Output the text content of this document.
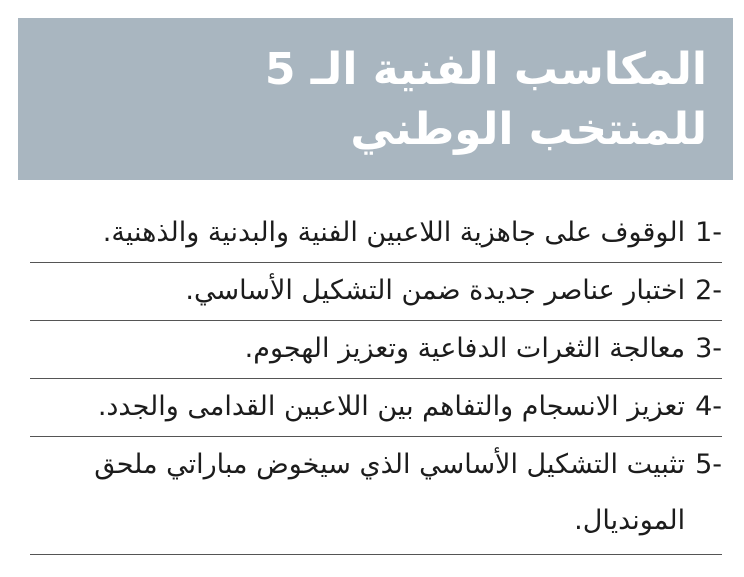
المكاسب الفنية الـ 5 للمنتخب الوطني
1-
الوقوف على جاهزية اللاعبين الفنية والبدنية والذهنية.
2-
اختبار عناصر جديدة ضمن التشكيل الأساسي.
3-
معالجة الثغرات الدفاعية وتعزيز الهجوم.
4-
تعزيز الانسجام والتفاهم بين اللاعبين القدامى والجدد.
5-
تثبيت التشكيل الأساسي الذي سيخوض مباراتي ملحق المونديال.
